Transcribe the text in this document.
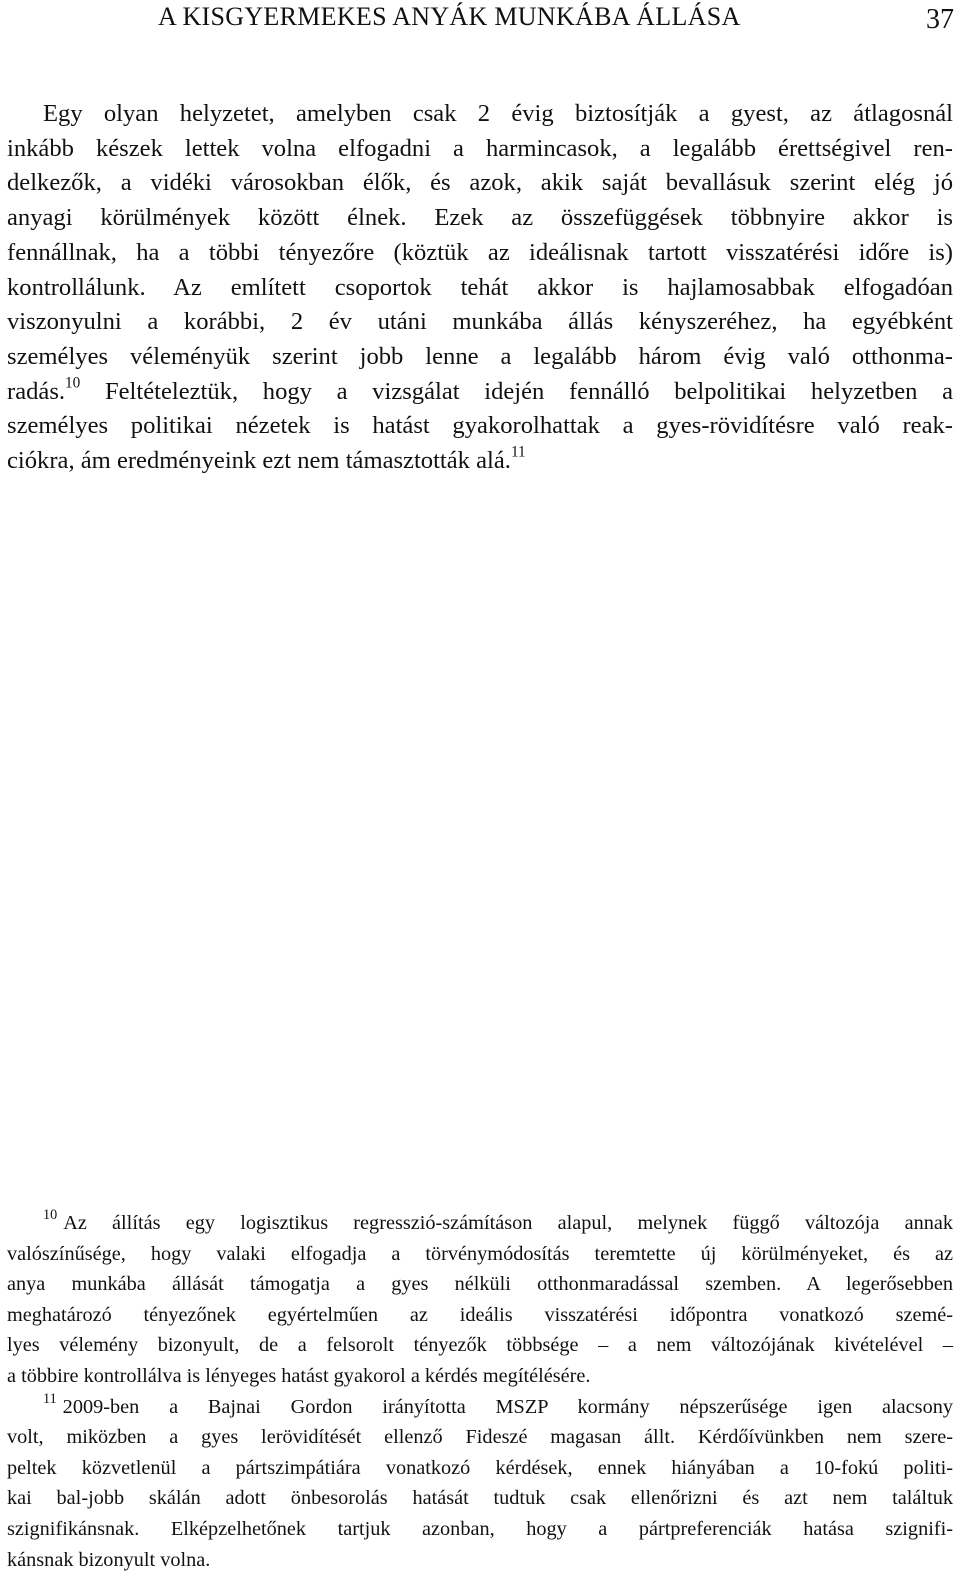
A KISGYERMEKES ANYÁK MUNKÁBA ÁLLÁSA	37
Egy olyan helyzetet, amelyben csak 2 évig biztosítják a gyest, az átlagosnál
inkább készek lettek volna elfogadni a harmincasok, a legalább érettségivel ren-
delkezők, a vidéki városokban élők, és azok, akik saját bevallásuk szerint elég jó
anyagi körülmények között élnek. Ezek az összefüggések többnyire akkor is
fennállnak, ha a többi tényezőre (köztük az ideálisnak tartott visszatérési időre is)
kontrollálunk. Az említett csoportok tehát akkor is hajlamosabbak elfogadóan
viszonyulni a korábbi, 2 év utáni munkába állás kényszeréhez, ha egyébként
személyes véleményük szerint jobb lenne a legalább három évig való otthonma-
radás.$^{10}$ Feltételeztük, hogy a vizsgálat idején fennálló belpolitikai helyzetben a
személyes politikai nézetek is hatást gyakorolhattak a gyes-rövidítésre való reak-
ciókra, ám eredményeink ezt nem támasztották alá.$^{11}$
$^{10}$ Az állítás egy logisztikus regresszió-számításon alapul, melynek függő változója annak
valószínűsége, hogy valaki elfogadja a törvénymódosítás teremtette új körülményeket, és az
anya munkába állását támogatja a gyes nélküli otthonmaradással szemben. A legerősebben
meghatározó tényezőnek egyértelműen az ideális visszatérési időpontra vonatkozó szemé-
lyes vélemény bizonyult, de a felsorolt tényezők többsége – a nem változójának kivételével –
a többire kontrollálva is lényeges hatást gyakorol a kérdés megítélésére.
$^{11}$ 2009-ben a Bajnai Gordon irányította MSZP kormány népszerűsége igen alacsony
volt, miközben a gyes lerövidítését ellenző Fideszé magasan állt. Kérdőívünkben nem szere-
peltek közvetlenül a pártszimpátiára vonatkozó kérdések, ennek hiányában a 10-fokú politi-
kai bal-jobb skálán adott önbesorolás hatását tudtuk csak ellenőrizni és azt nem találtuk
szignifikánsnak. Elképzelhetőnek tartjuk azonban, hogy a pártpreferenciák hatása szignifi-
kánsnak bizonyult volna.
